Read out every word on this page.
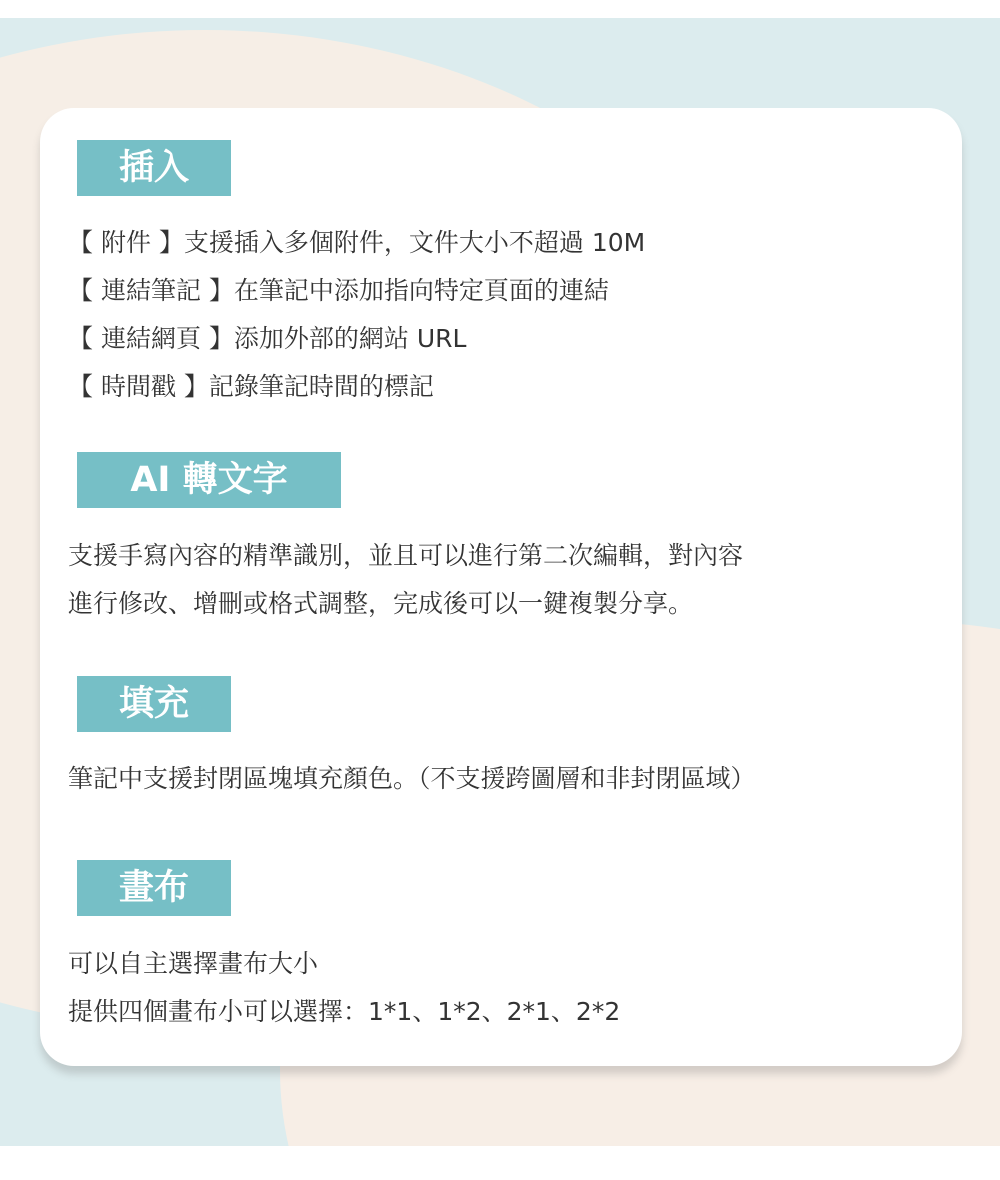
插入
【 附件 】支援插入多個附件，文件大小不超過 10M
【 連結筆記 】在筆記中添加指向特定頁面的連結
【 連結網頁 】添加外部的網站 URL
【 時間戳 】記錄筆記時間的標記
AI 轉文字
支援手寫內容的精準識別，並且可以進行第二次編輯，對內容
進行修改、增刪或格式調整，完成後可以一鍵複製分享。
填充
筆記中支援封閉區塊填充顏色。（不支援跨圖層和非封閉區域）
畫布
可以自主選擇畫布大小
提供四個畫布小可以選擇：1*1、1*2、2*1、2*2
